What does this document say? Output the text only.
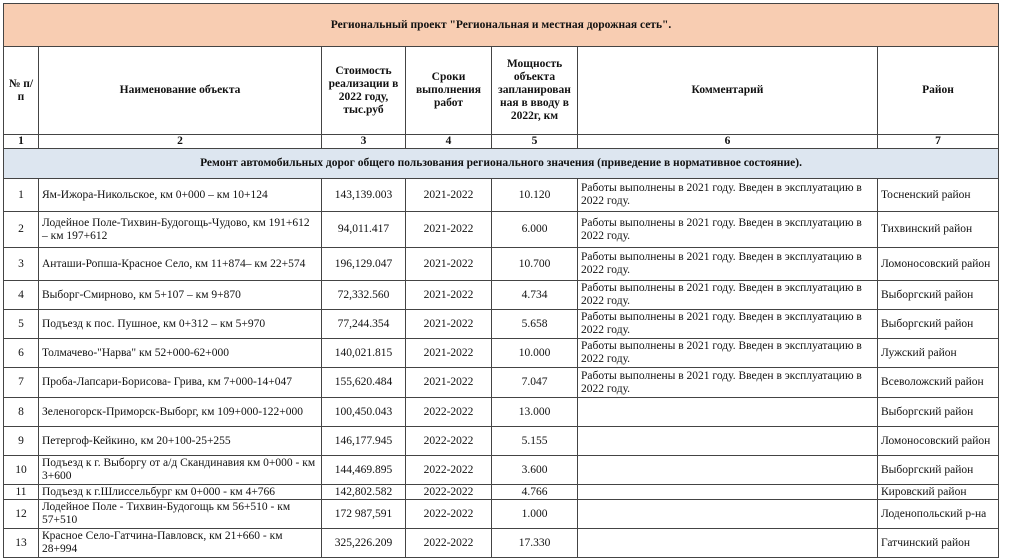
Региональный проект "Региональная и местная дорожная сеть".						
№ п/п	Наименование объекта	Стоимость реализации в 2022 году, тыс.руб	Сроки выполнения работ	Мощность объекта запланирован ная в вводу в 2022г, км	Комментарий	Район
1	2	3	4	5	6	7
Ремонт автомобильных дорог общего пользования регионального значения (приведение в нормативное состояние).						
1	Ям-Ижора-Никольское, км 0+000 – км 10+124	143,139.003	2021-2022	10.120	Работы выполнены в 2021 году. Введен в эксплуатацию в 2022 году.	Тосненский район
2	Лодейное Поле-Тихвин-Будогощь-Чудово, км 191+612 – км 197+612	94,011.417	2021-2022	6.000	Работы выполнены в 2021 году. Введен в эксплуатацию в 2022 году.	Тихвинский район
3	Анташи-Ропша-Красное Село, км 11+874– км 22+574	196,129.047	2021-2022	10.700	Работы выполнены в 2021 году. Введен в эксплуатацию в 2022 году.	Ломоносовский район
4	Выборг-Смирново, км 5+107 – км 9+870	72,332.560	2021-2022	4.734	Работы выполнены в 2021 году. Введен в эксплуатацию в 2022 году.	Выборгский район
5	Подъезд к пос. Пушное, км 0+312 – км 5+970	77,244.354	2021-2022	5.658	Работы выполнены в 2021 году. Введен в эксплуатацию в 2022 году.	Выборгский район
6	Толмачево-"Нарва" км 52+000-62+000	140,021.815	2021-2022	10.000	Работы выполнены в 2021 году. Введен в эксплуатацию в 2022 году.	Лужский район
7	Проба-Лапсари-Борисова- Грива, км 7+000-14+047	155,620.484	2021-2022	7.047	Работы выполнены в 2021 году. Введен в эксплуатацию в 2022 году.	Всеволожский район
8	Зеленогорск-Приморск-Выборг, км 109+000-122+000	100,450.043	2022-2022	13.000		Выборгский район
9	Петергоф-Кейкино, км 20+100-25+255	146,177.945	2022-2022	5.155		Ломоносовский район
10	Подъезд к г. Выборгу от а/д Скандинавия км 0+000 - км 3+600	144,469.895	2022-2022	3.600		Выборгский район
11	Подъезд к г.Шлиссельбург км 0+000 - км 4+766	142,802.582	2022-2022	4.766		Кировский район
12	Лодейное Поле - Тихвин-Будогощь км 56+510 - км 57+510	172 987,591	2022-2022	1.000		Лоденопольский р-на
13	Красное Село-Гатчина-Павловск, км 21+660 - км 28+994	325,226.209	2022-2022	17.330		Гатчинский район
